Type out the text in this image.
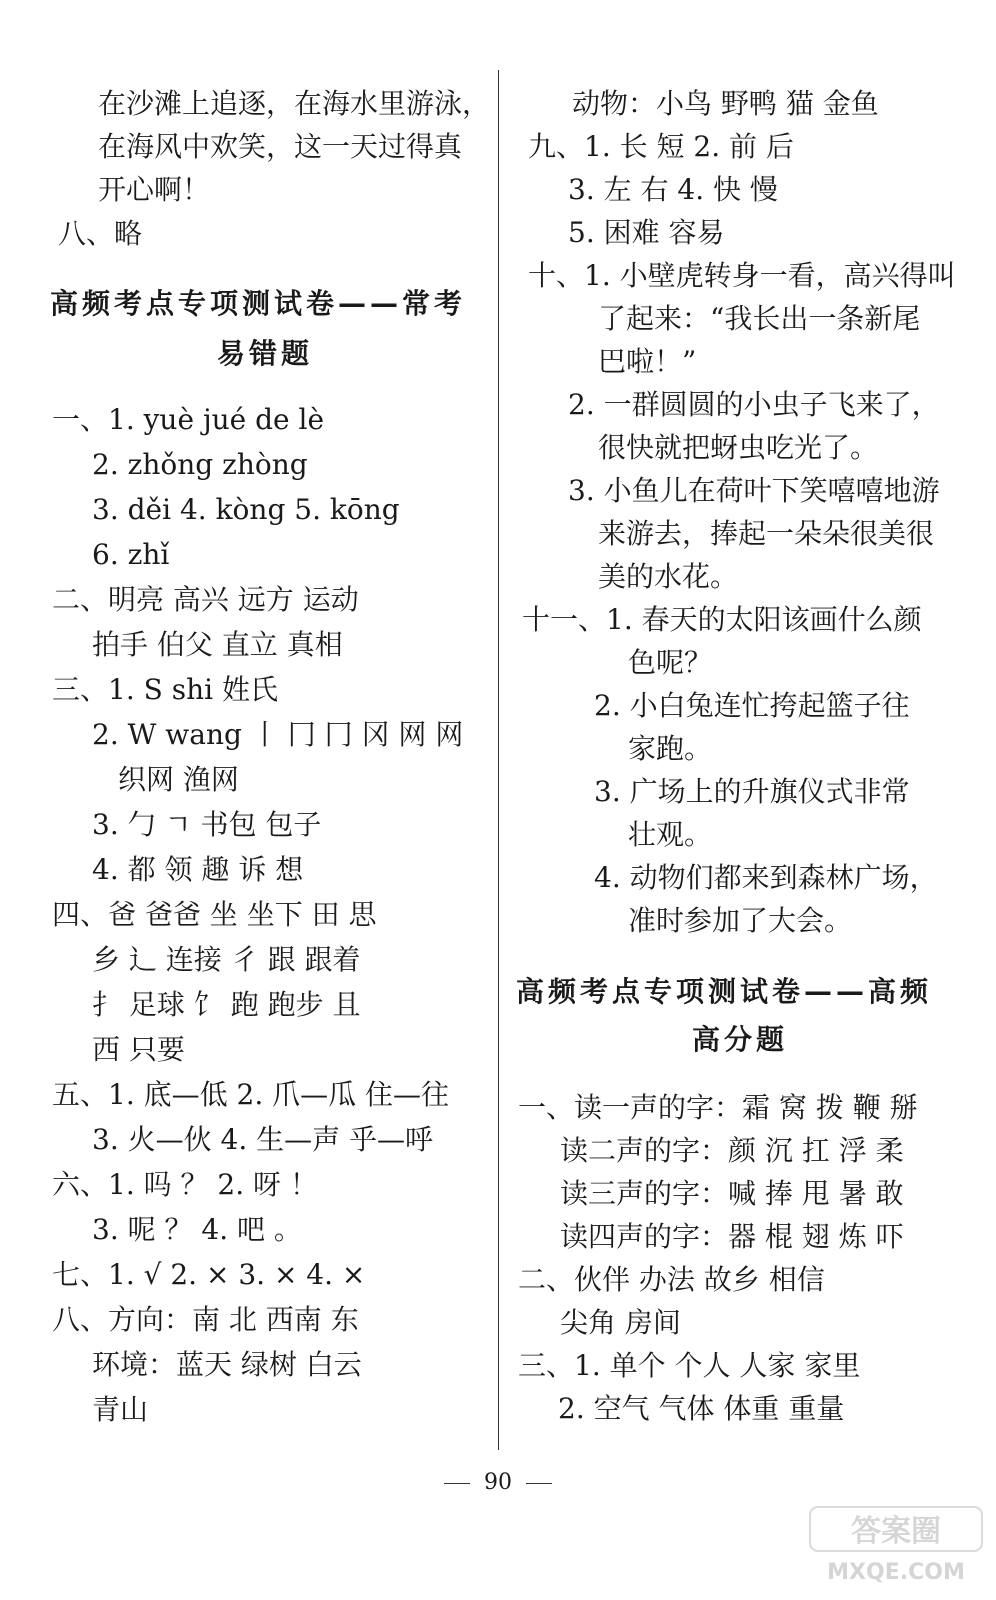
在沙滩上追逐，在海水里游泳，
在海风中欢笑，这一天过得真
开心啊！
八、略
高频考点专项测试卷——常考
易错题
一、1. yuè jué de lè
2. zhǒng zhòng
3. děi 4. kòng 5. kōng
6. zhǐ
二、明亮 高兴 远方 运动
拍手 伯父 直立 真相
三、1. S shi 姓氏
2. W wang 丨 冂 冂 冈 网 网
织网 渔网
3. 勹 ㄱ 书包 包子
4. 都 领 趣 诉 想
四、爸 爸爸 坐 坐下 田 思
乡 辶 连接 彳 跟 跟着
扌 足球 饣 跑 跑步 且
西 只要
五、1. 底—低 2. 爪—瓜 住—往
3. 火—伙 4. 生—声 乎—呼
六、1. 吗 ？ 2. 呀 ！
3. 呢 ？ 4. 吧 。
七、1. √ 2. × 3. × 4. ×
八、方向：南 北 西南 东
环境：蓝天 绿树 白云
青山
动物：小鸟 野鸭 猫 金鱼
九、1. 长 短 2. 前 后
3. 左 右 4. 快 慢
5. 困难 容易
十、1. 小壁虎转身一看，高兴得叫
了起来：“我长出一条新尾
巴啦！”
2. 一群圆圆的小虫子飞来了，
很快就把蚜虫吃光了。
3. 小鱼儿在荷叶下笑嘻嘻地游
来游去，捧起一朵朵很美很
美的水花。
十一、1. 春天的太阳该画什么颜
色呢？
2. 小白兔连忙挎起篮子往
家跑。
3. 广场上的升旗仪式非常
壮观。
4. 动物们都来到森林广场，
准时参加了大会。
高频考点专项测试卷——高频
高分题
一、读一声的字：霜 窝 拨 鞭 掰
读二声的字：颜 沉 扛 浮 柔
读三声的字：喊 捧 甩 暑 敢
读四声的字：器 棍 翅 炼 吓
二、伙伴 办法 故乡 相信
尖角 房间
三、1. 单个 个人 人家 家里
2. 空气 气体 体重 重量
90
答案圈
MXQE.COM
